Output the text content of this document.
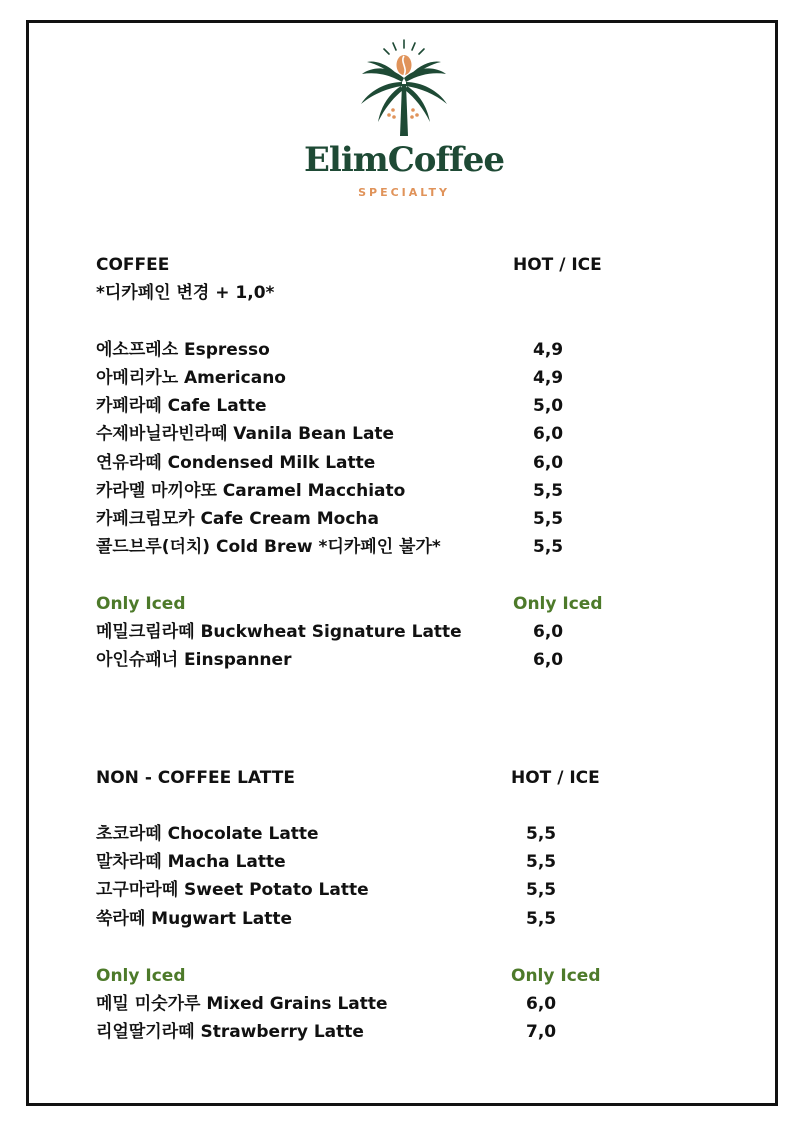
ElimCoffee
SPECIALTY
COFFEE	HOT / ICE
*디카페인 변경 + 1,0*
에소프레소 Espresso	4,9
아메리카노 Americano	4,9
카페라떼 Cafe Latte	5,0
수제바닐라빈라떼 Vanila Bean Late	6,0
연유라떼 Condensed Milk Latte	6,0
카라멜 마끼야또 Caramel Macchiato	5,5
카페크림모카 Cafe Cream Mocha	5,5
콜드브루(더치) Cold Brew *디카페인 불가*	5,5
Only Iced	Only Iced
메밀크림라떼 Buckwheat Signature Latte	6,0
아인슈패너 Einspanner	6,0
NON - COFFEE LATTE	HOT / ICE
초코라떼 Chocolate Latte	5,5
말차라떼 Macha Latte	5,5
고구마라떼 Sweet Potato Latte	5,5
쑥라떼 Mugwart Latte	5,5
Only Iced	Only Iced
메밀 미숫가루 Mixed Grains Latte	6,0
리얼딸기라떼 Strawberry Latte	7,0
